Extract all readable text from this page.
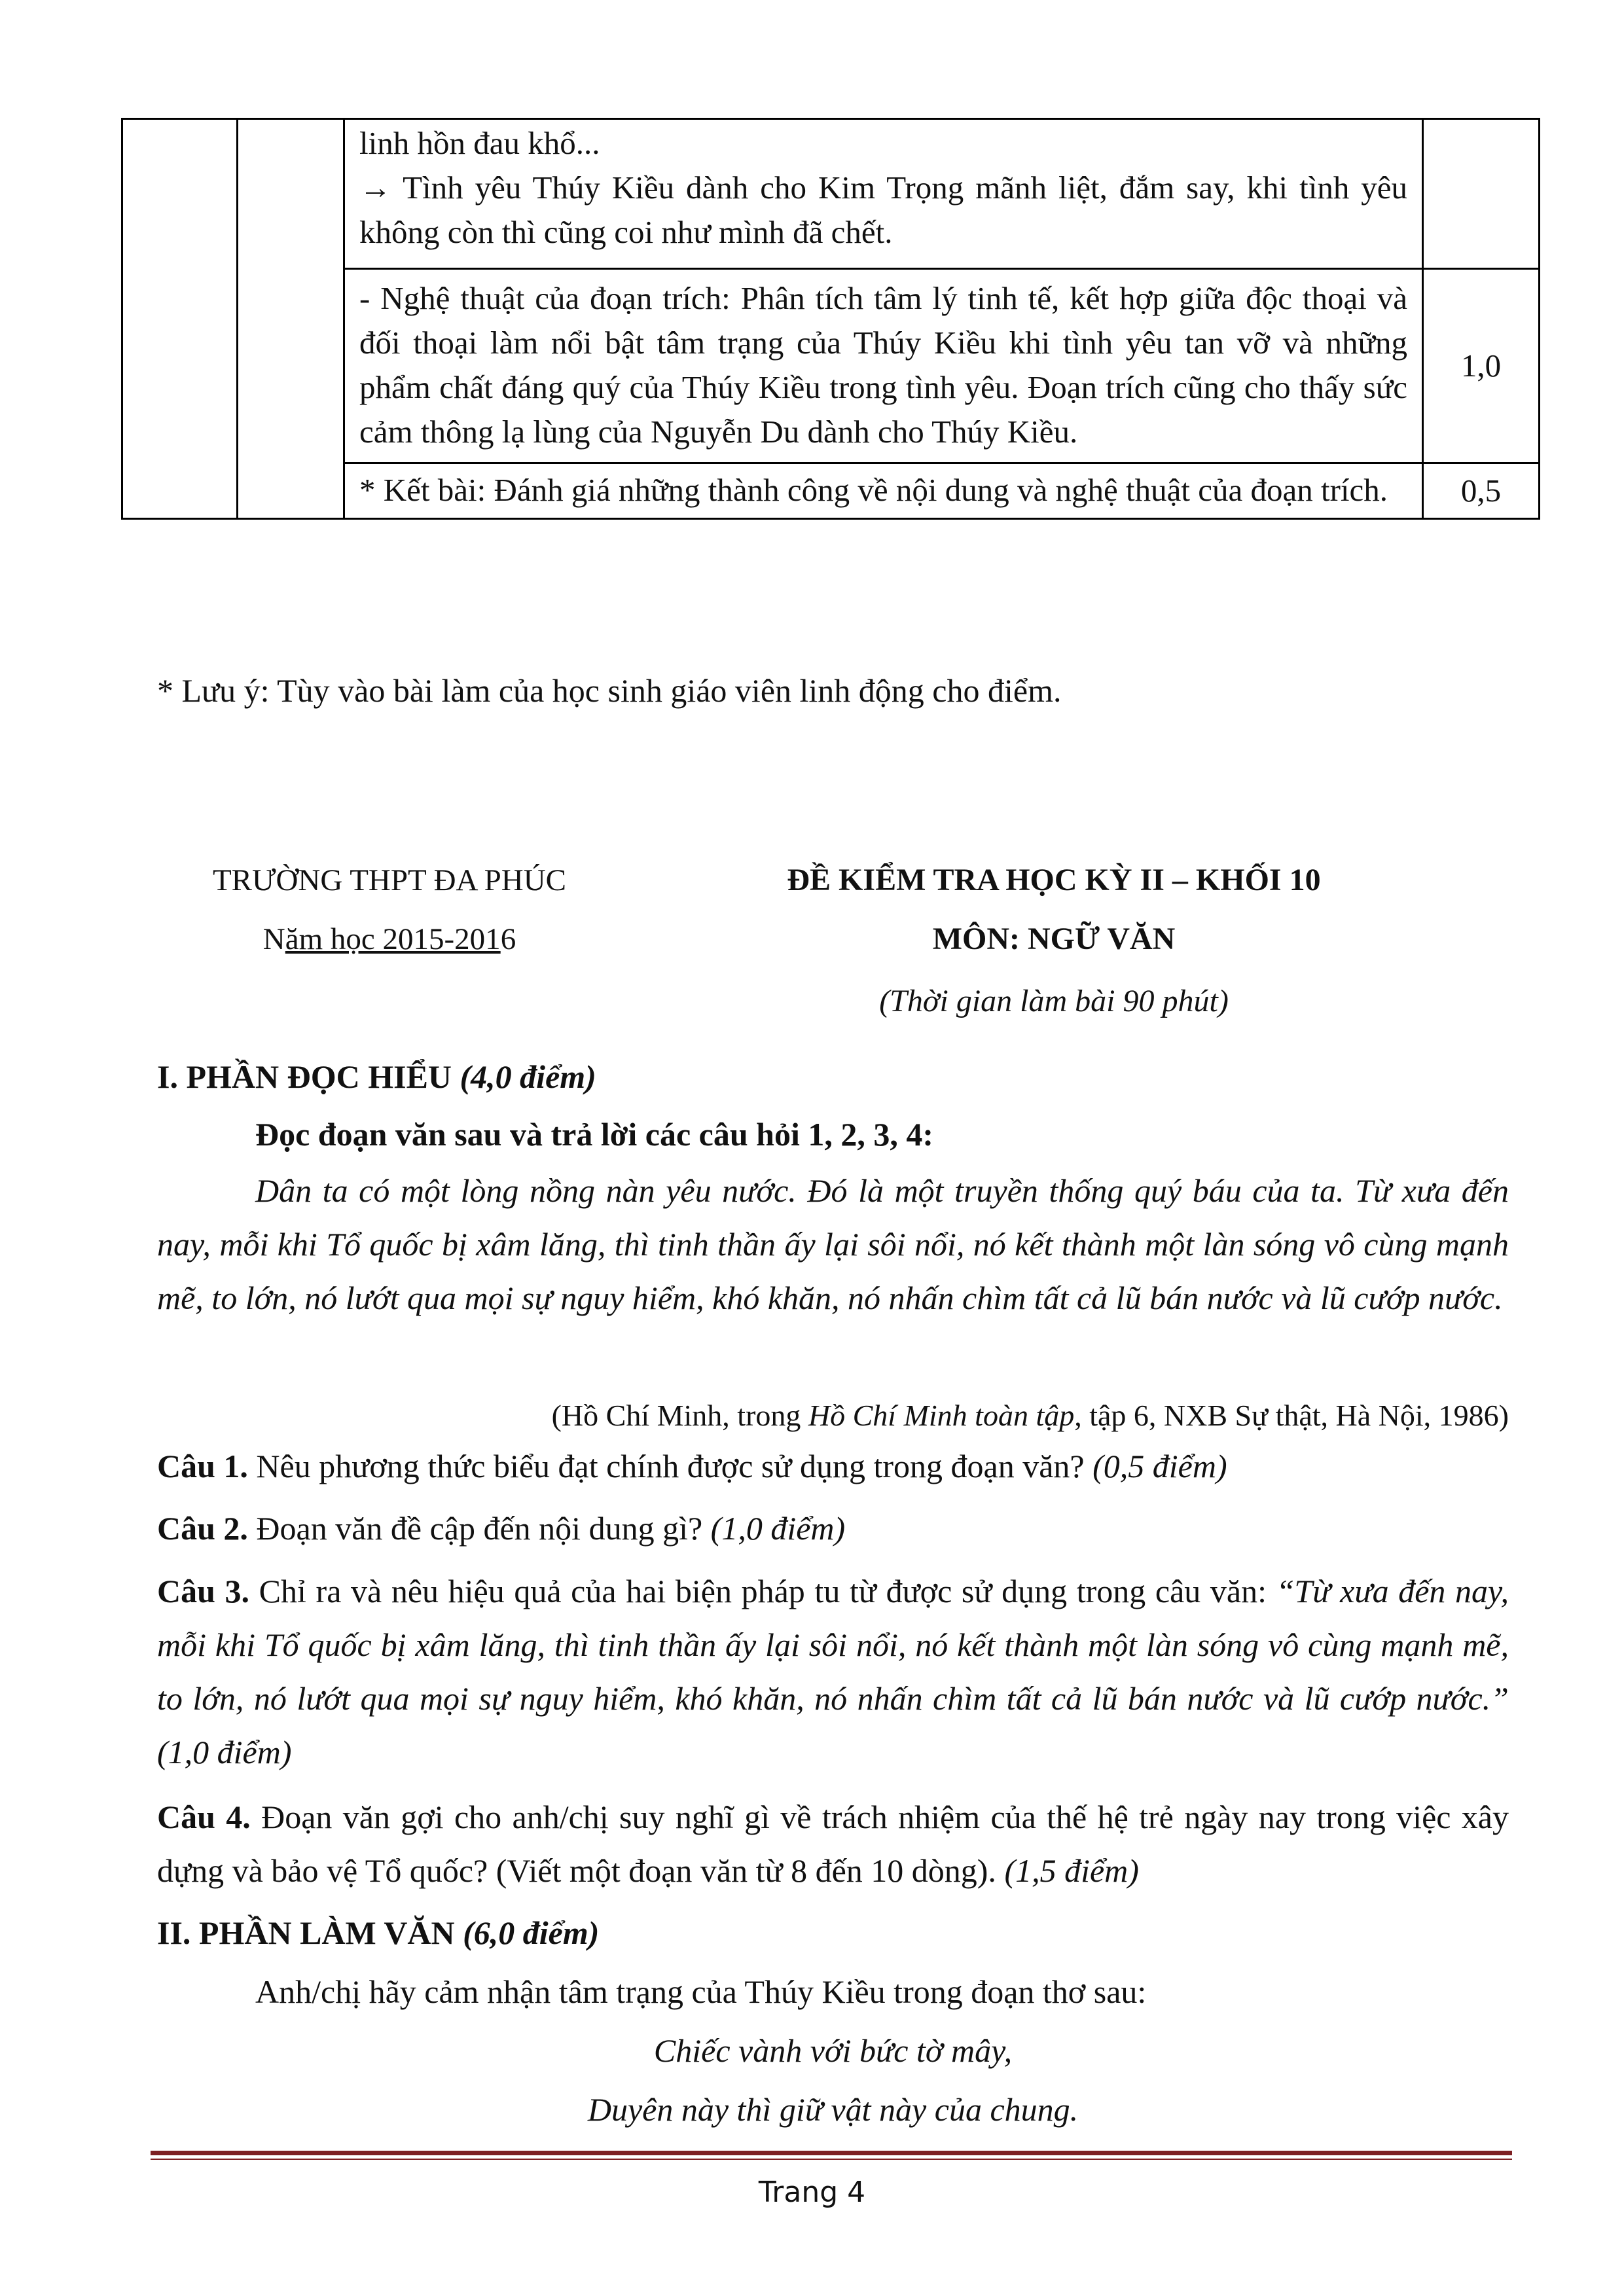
		linh hồn đau khổ...

→ Tình yêu Thúy Kiều dành cho Kim Trọng mãnh liệt, đắm say, khi tình yêu không còn thì cũng coi như mình đã chết.	

		- Nghệ thuật của đoạn trích: Phân tích tâm lý tinh tế, kết hợp giữa độc thoại và đối thoại làm nổi bật tâm trạng của Thúy Kiều khi tình yêu tan vỡ và những phẩm chất đáng quý của Thúy Kiều trong tình yêu. Đoạn trích cũng cho thấy sức cảm thông lạ lùng của Nguyễn Du dành cho Thúy Kiều.	1,0

		* Kết bài: Đánh giá những thành công về nội dung và nghệ thuật của đoạn trích.	0,5

* Lưu ý: Tùy vào bài làm của học sinh giáo viên linh động cho điểm.

TRƯỜNG THPT ĐA PHÚC

Năm học 2015-2016

ĐỀ KIỂM TRA HỌC KỲ II – KHỐI 10

MÔN: NGỮ VĂN

(Thời gian làm bài 90 phút)

I. PHẦN ĐỌC HIỂU (4,0 điểm)

Đọc đoạn văn sau và trả lời các câu hỏi 1, 2, 3, 4:

Dân ta có một lòng nồng nàn yêu nước. Đó là một truyền thống quý báu của ta. Từ xưa đến nay, mỗi khi Tổ quốc bị xâm lăng, thì tinh thần ấy lại sôi nổi, nó kết thành một làn sóng vô cùng mạnh mẽ, to lớn, nó lướt qua mọi sự nguy hiểm, khó khăn, nó nhấn chìm tất cả lũ bán nước và lũ cướp nước.

(Hồ Chí Minh, trong Hồ Chí Minh toàn tập, tập 6, NXB Sự thật, Hà Nội, 1986)

Câu 1. Nêu phương thức biểu đạt chính được sử dụng trong đoạn văn? (0,5 điểm)

Câu 2. Đoạn văn đề cập đến nội dung gì? (1,0 điểm)

Câu 3. Chỉ ra và nêu hiệu quả của hai biện pháp tu từ được sử dụng trong câu văn: “Từ xưa đến nay, mỗi khi Tổ quốc bị xâm lăng, thì tinh thần ấy lại sôi nổi, nó kết thành một làn sóng vô cùng mạnh mẽ, to lớn, nó lướt qua mọi sự nguy hiểm, khó khăn, nó nhấn chìm tất cả lũ bán nước và lũ cướp nước.” (1,0 điểm)

Câu 4. Đoạn văn gợi cho anh/chị suy nghĩ gì về trách nhiệm của thế hệ trẻ ngày nay trong việc xây dựng và bảo vệ Tổ quốc? (Viết một đoạn văn từ 8 đến 10 dòng). (1,5 điểm)

II. PHẦN LÀM VĂN (6,0 điểm)

Anh/chị hãy cảm nhận tâm trạng của Thúy Kiều trong đoạn thơ sau:

Chiếc vành với bức tờ mây,

Duyên này thì giữ vật này của chung.

Trang 4
